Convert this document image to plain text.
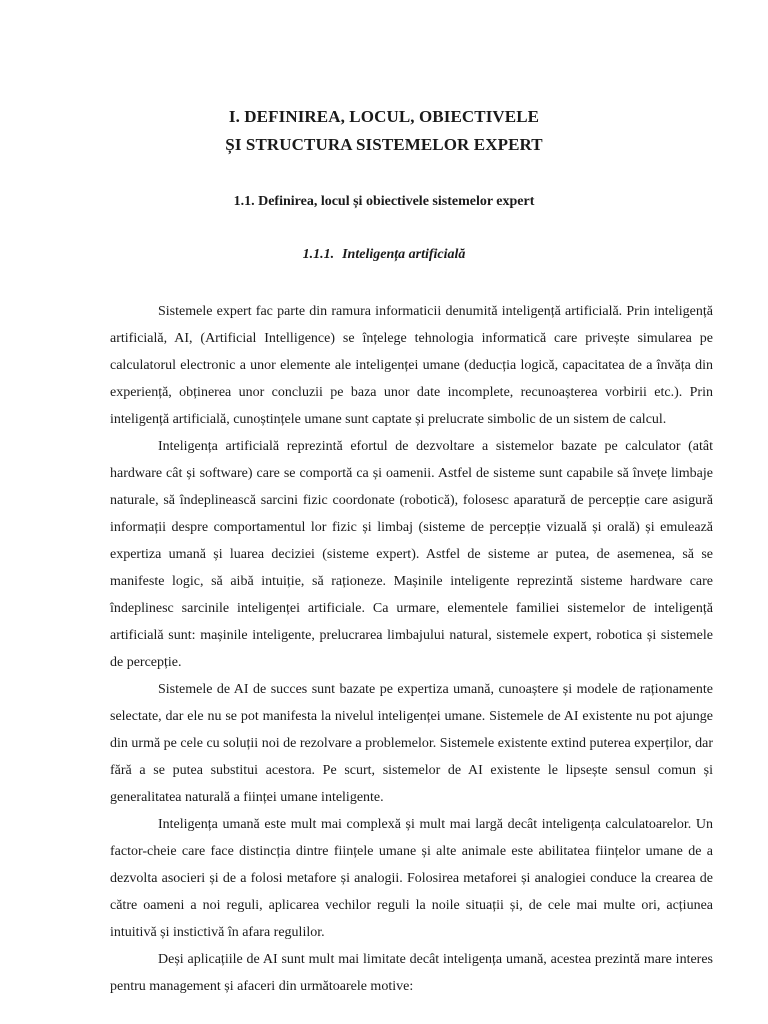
I. DEFINIREA, LOCUL, OBIECTIVELE
ȘI STRUCTURA SISTEMELOR EXPERT
1.1. Definirea, locul și obiectivele sistemelor expert
1.1.1. Inteligența artificială

Sistemele expert fac parte din ramura informaticii denumită inteligență artificială. Prin inteligență artificială, AI, (Artificial Intelligence) se înțelege tehnologia informatică care privește simularea pe calculatorul electronic a unor elemente ale inteligenței umane (deducția logică, capacitatea de a învăța din experiență, obținerea unor concluzii pe baza unor date incomplete, recunoașterea vorbirii etc.). Prin inteligență artificială, cunoștințele umane sunt captate și prelucrate simbolic de un sistem de calcul.

Inteligența artificială reprezintă efortul de dezvoltare a sistemelor bazate pe calculator (atât hardware cât și software) care se comportă ca și oamenii. Astfel de sisteme sunt capabile să învețe limbaje naturale, să îndeplinească sarcini fizic coordonate (robotică), folosesc aparatură de percepție care asigură informații despre comportamentul lor fizic și limbaj (sisteme de percepție vizuală și orală) și emulează expertiza umană și luarea deciziei (sisteme expert). Astfel de sisteme ar putea, de asemenea, să se manifeste logic, să aibă intuiție, să raționeze. Mașinile inteligente reprezintă sisteme hardware care îndeplinesc sarcinile inteligenței artificiale. Ca urmare, elementele familiei sistemelor de inteligență artificială sunt: mașinile inteligente, prelucrarea limbajului natural, sistemele expert, robotica și sistemele de percepție.

Sistemele de AI de succes sunt bazate pe expertiza umană, cunoaștere și modele de raționamente selectate, dar ele nu se pot manifesta la nivelul inteligenței umane. Sistemele de AI existente nu pot ajunge din urmă pe cele cu soluții noi de rezolvare a problemelor. Sistemele existente extind puterea experților, dar fără a se putea substitui acestora. Pe scurt, sistemelor de AI existente le lipsește sensul comun și generalitatea naturală a ființei umane inteligente.

Inteligența umană este mult mai complexă și mult mai largă decât inteligența calculatoarelor. Un factor-cheie care face distincția dintre ființele umane și alte animale este abilitatea ființelor umane de a dezvolta asocieri și de a folosi metafore și analogii. Folosirea metaforei și analogiei conduce la crearea de către oameni a noi reguli, aplicarea vechilor reguli la noile situații și, de cele mai multe ori, acțiunea intuitivă și instictivă în afara regulilor.

Deși aplicațiile de AI sunt mult mai limitate decât inteligența umană, acestea prezintă mare interes pentru management și afaceri din următoarele motive:
